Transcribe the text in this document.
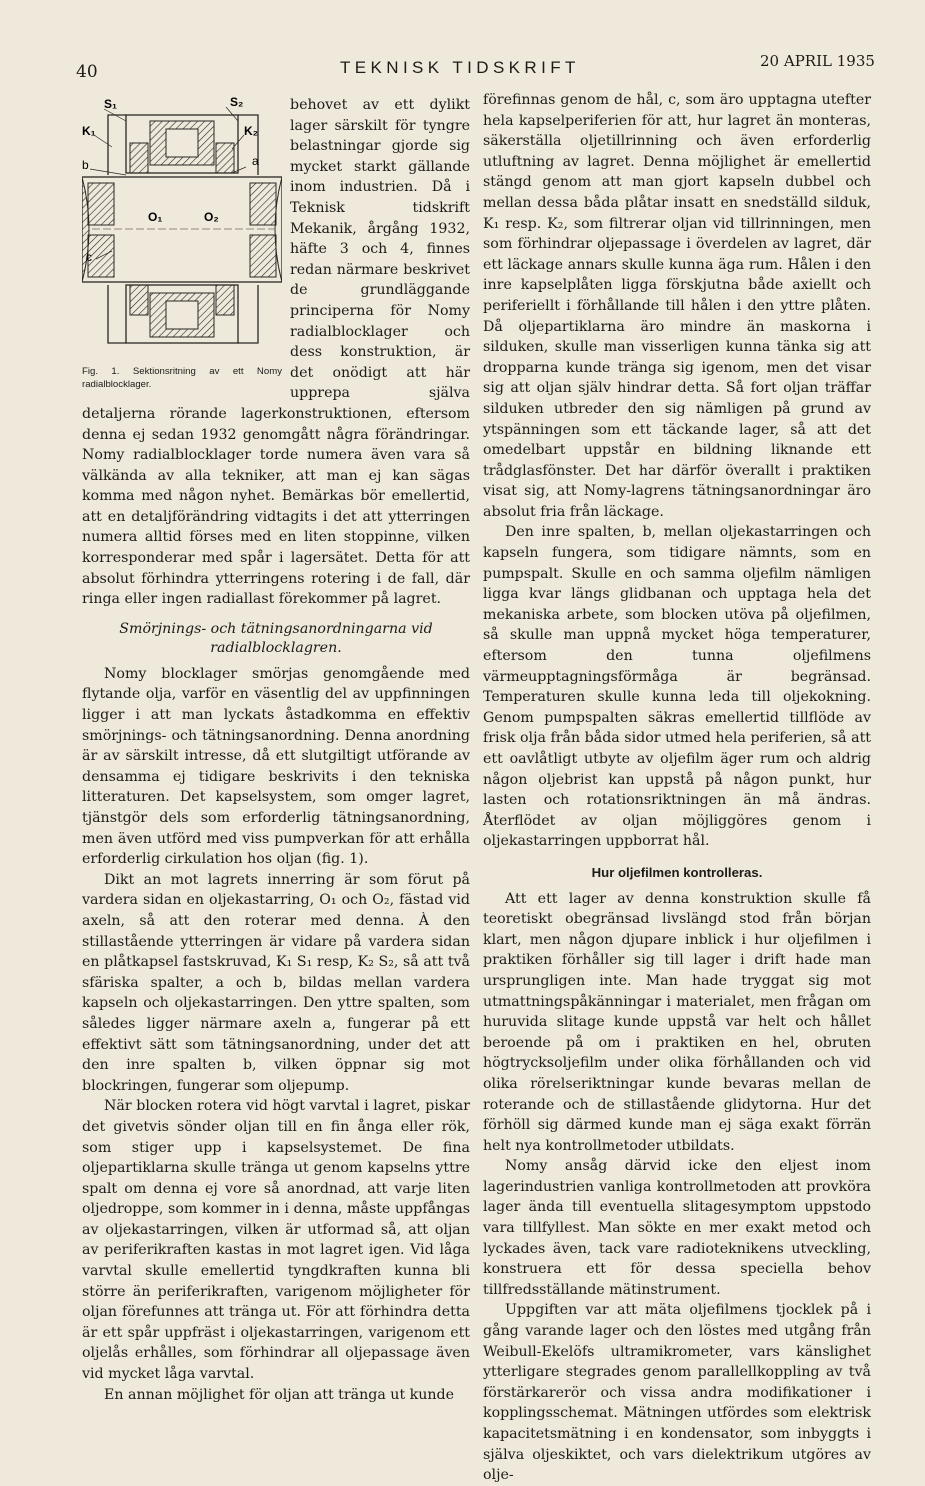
40	TEKNISK TIDSKRIFT	20 APRIL 1935
S₁	S₂
K₁	K₂
a
b
c
O₁	O₂
Fig. 1. Sektionsritning av ett Nomy radialblocklager.

behovet av ett dylikt lager särskilt för tyngre belastningar gjorde sig mycket starkt gällande inom industrien. Då i Teknisk tidskrift Mekanik, årgång 1932, häfte 3 och 4, finnes redan närmare beskrivet de grundläggande principerna för Nomy radialblocklager och dess konstruktion, är det onödigt att här upprepa själva detaljerna rörande lagerkonstruktionen, eftersom denna ej sedan 1932 genomgått några förändringar. Nomy radialblocklager torde numera även vara så välkända av alla tekniker, att man ej kan sägas komma med någon nyhet. Bemärkas bör emellertid, att en detaljförändring vidtagits i det att ytterringen numera alltid förses med en liten stoppinne, vilken korresponderar med spår i lagersätet. Detta för att absolut förhindra ytterringens rotering i de fall, där ringa eller ingen radiallast förekommer på lagret.

Smörjnings- och tätningsanordningarna vid radialblocklagren.

Nomy blocklager smörjas genomgående med flytande olja, varför en väsentlig del av uppfinningen ligger i att man lyckats åstadkomma en effektiv smörjnings- och tätningsanordning. Denna anordning är av särskilt intresse, då ett slutgiltigt utförande av densamma ej tidigare beskrivits i den tekniska litteraturen. Det kapselsystem, som omger lagret, tjänstgör dels som erforderlig tätningsanordning, men även utförd med viss pumpverkan för att erhålla erforderlig cirkulation hos oljan (fig. 1).

Dikt an mot lagrets innerring är som förut på vardera sidan en oljekastarring, O₁ och O₂, fästad vid axeln, så att den roterar med denna. À den stillastående ytterringen är vidare på vardera sidan en plåtkapsel fastskruvad, K₁ S₁ resp, K₂ S₂, så att två sfäriska spalter, a och b, bildas mellan vardera kapseln och oljekastarringen. Den yttre spalten, som således ligger närmare axeln a, fungerar på ett effektivt sätt som tätningsanordning, under det att den inre spalten b, vilken öppnar sig mot blockringen, fungerar som oljepump.

När blocken rotera vid högt varvtal i lagret, piskar det givetvis sönder oljan till en fin ånga eller rök, som stiger upp i kapselsystemet. De fina oljepartiklarna skulle tränga ut genom kapselns yttre spalt om denna ej vore så anordnad, att varje liten oljedroppe, som kommer in i denna, måste uppfångas av oljekastarringen, vilken är utformad så, att oljan av periferikraften kastas in mot lagret igen. Vid låga varvtal skulle emellertid tyngdkraften kunna bli större än periferikraften, varigenom möjligheter för oljan förefunnes att tränga ut. För att förhindra detta är ett spår uppfräst i oljekastarringen, varigenom ett oljelås erhålles, som förhindrar all oljepassage även vid mycket låga varvtal.

En annan möjlighet för oljan att tränga ut kunde

förefinnas genom de hål, c, som äro upptagna utefter hela kapselperiferien för att, hur lagret än monteras, säkerställa oljetillrinning och även erforderlig utluftning av lagret. Denna möjlighet är emellertid stängd genom att man gjort kapseln dubbel och mellan dessa båda plåtar insatt en snedställd silduk, K₁ resp. K₂, som filtrerar oljan vid tillrinningen, men som förhindrar oljepassage i överdelen av lagret, där ett läckage annars skulle kunna äga rum. Hålen i den inre kapselplåten ligga förskjutna både axiellt och periferiellt i förhållande till hålen i den yttre plåten. Då oljepartiklarna äro mindre än maskorna i silduken, skulle man visserligen kunna tänka sig att dropparna kunde tränga sig igenom, men det visar sig att oljan själv hindrar detta. Så fort oljan träffar silduken utbreder den sig nämligen på grund av ytspänningen som ett täckande lager, så att det omedelbart uppstår en bildning liknande ett trådglasfönster. Det har därför överallt i praktiken visat sig, att Nomy-lagrens tätningsanordningar äro absolut fria från läckage.

Den inre spalten, b, mellan oljekastarringen och kapseln fungera, som tidigare nämnts, som en pumpspalt. Skulle en och samma oljefilm nämligen ligga kvar längs glidbanan och upptaga hela det mekaniska arbete, som blocken utöva på oljefilmen, så skulle man uppnå mycket höga temperaturer, eftersom den tunna oljefilmens värmeupptagningsförmåga är begränsad. Temperaturen skulle kunna leda till oljekokning. Genom pumpspalten säkras emellertid tillflöde av frisk olja från båda sidor utmed hela periferien, så att ett oavlåtligt utbyte av oljefilm äger rum och aldrig någon oljebrist kan uppstå på någon punkt, hur lasten och rotationsriktningen än må ändras. Återflödet av oljan möjliggöres genom i oljekastarringen uppborrat hål.

Hur oljefilmen kontrolleras.

Att ett lager av denna konstruktion skulle få teoretiskt obegränsad livslängd stod från början klart, men någon djupare inblick i hur oljefilmen i praktiken förhåller sig till lager i drift hade man ursprungligen inte. Man hade tryggat sig mot utmattningspåkänningar i materialet, men frågan om huruvida slitage kunde uppstå var helt och hållet beroende på om i praktiken en hel, obruten högtrycksoljefilm under olika förhållanden och vid olika rörelseriktningar kunde bevaras mellan de roterande och de stillastående glidytorna. Hur det förhöll sig därmed kunde man ej säga exakt förrän helt nya kontrollmetoder utbildats.

Nomy ansåg därvid icke den eljest inom lagerindustrien vanliga kontrollmetoden att provköra lager ända till eventuella slitagesymptom uppstodo vara tillfyllest. Man sökte en mer exakt metod och lyckades även, tack vare radioteknikens utveckling, konstruera ett för dessa speciella behov tillfredsställande mätinstrument.

Uppgiften var att mäta oljefilmens tjocklek på i gång varande lager och den löstes med utgång från Weibull-Ekelöfs ultramikrometer, vars känslighet ytterligare stegrades genom parallellkoppling av två förstärkarerör och vissa andra modifikationer i kopplingsschemat. Mätningen utfördes som elektrisk kapacitetsmätning i en kondensator, som inbyggts i själva oljeskiktet, och vars dielektrikum utgöres av olje-
